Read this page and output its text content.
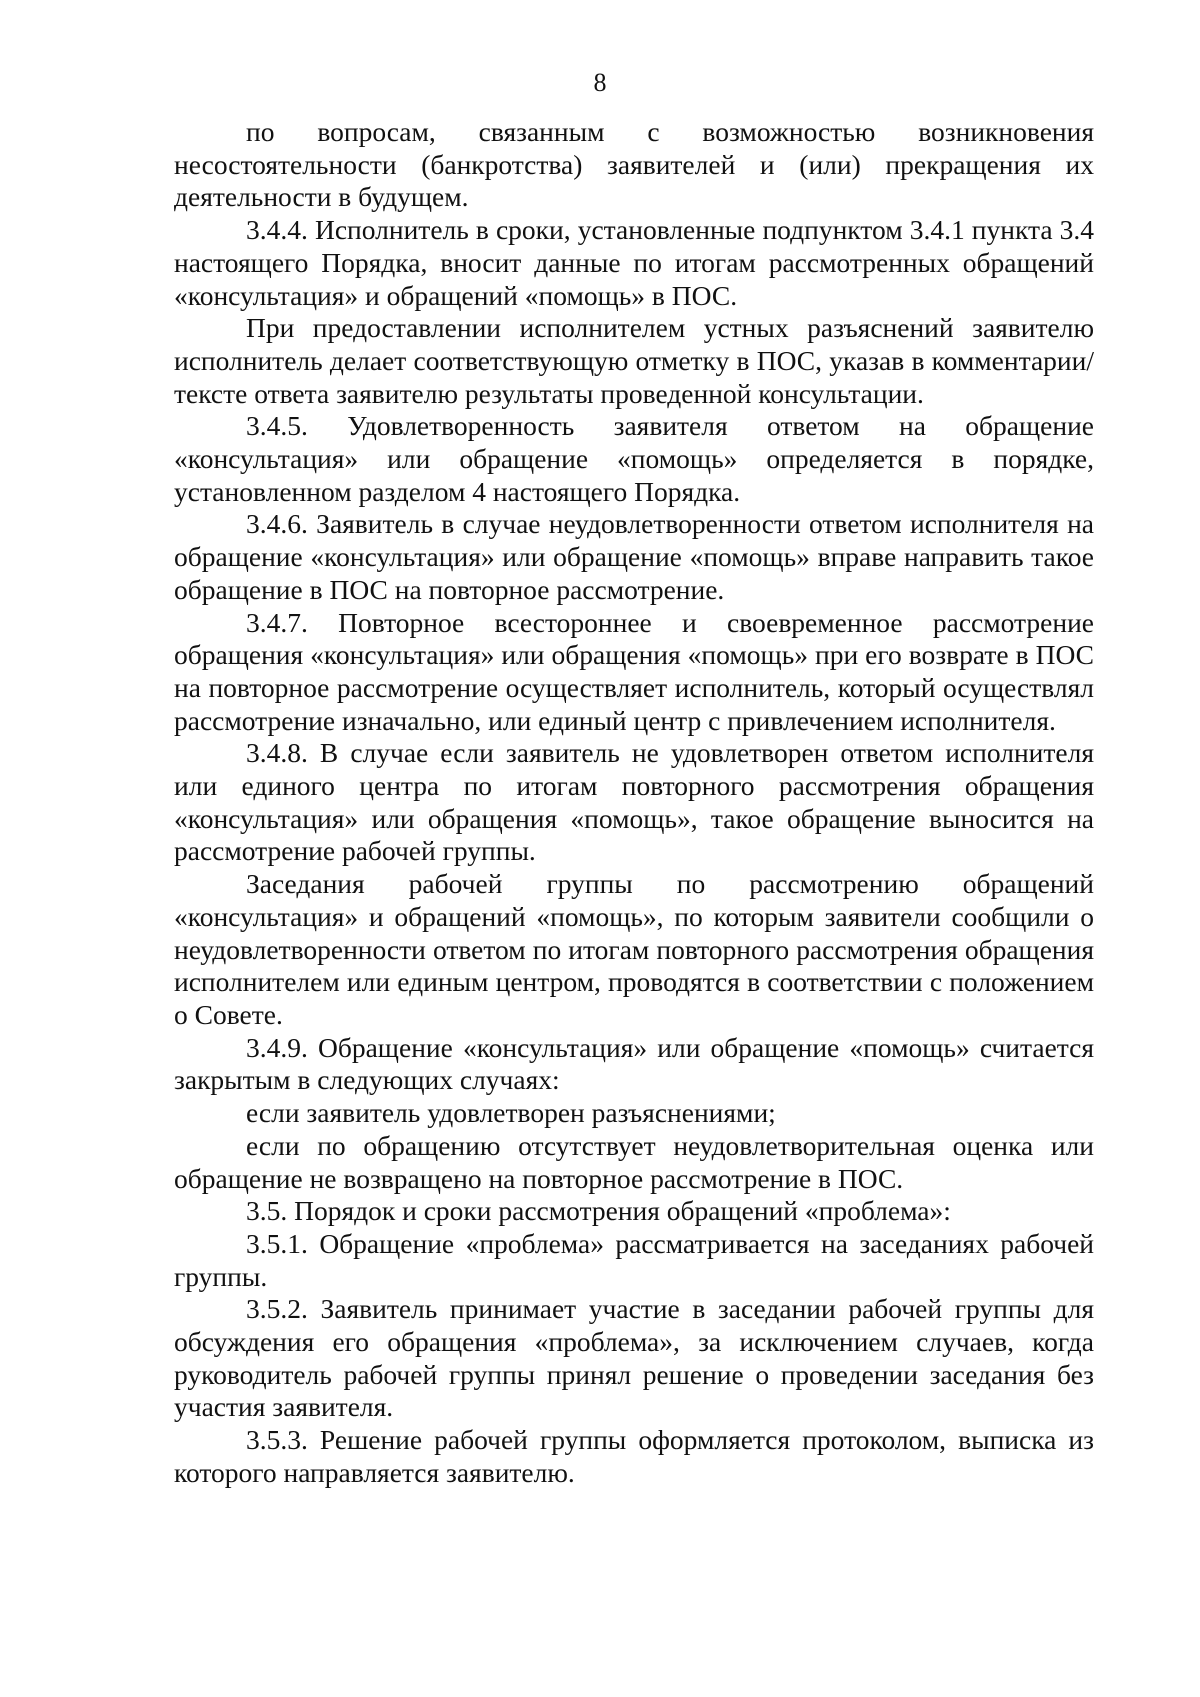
8

по вопросам, связанным с возможностью возникновения несостоятельности (банкротства) заявителей и (или) прекращения их деятельности в будущем.

3.4.4. Исполнитель в сроки, установленные подпунктом 3.4.1 пункта 3.4 настоящего Порядка, вносит данные по итогам рассмотренных обращений «консультация» и обращений «помощь» в ПОС.

При предоставлении исполнителем устных разъяснений заявителю исполнитель делает соответствующую отметку в ПОС, указав в комментарии/тексте ответа заявителю результаты проведенной консультации.

3.4.5. Удовлетворенность заявителя ответом на обращение «консультация» или обращение «помощь» определяется в порядке, установленном разделом 4 настоящего Порядка.

3.4.6. Заявитель в случае неудовлетворенности ответом исполнителя на обращение «консультация» или обращение «помощь» вправе направить такое обращение в ПОС на повторное рассмотрение.

3.4.7. Повторное всестороннее и своевременное рассмотрение обращения «консультация» или обращения «помощь» при его возврате в ПОС на повторное рассмотрение осуществляет исполнитель, который осуществлял рассмотрение изначально, или единый центр с привлечением исполнителя.

3.4.8. В случае если заявитель не удовлетворен ответом исполнителя или единого центра по итогам повторного рассмотрения обращения «консультация» или обращения «помощь», такое обращение выносится на рассмотрение рабочей группы.

Заседания рабочей группы по рассмотрению обращений «консультация» и обращений «помощь», по которым заявители сообщили о неудовлетворенности ответом по итогам повторного рассмотрения обращения исполнителем или единым центром, проводятся в соответствии с положением о Совете.

3.4.9. Обращение «консультация» или обращение «помощь» считается закрытым в следующих случаях:

если заявитель удовлетворен разъяснениями;

если по обращению отсутствует неудовлетворительная оценка или обращение не возвращено на повторное рассмотрение в ПОС.

3.5. Порядок и сроки рассмотрения обращений «проблема»:

3.5.1. Обращение «проблема» рассматривается на заседаниях рабочей группы.

3.5.2. Заявитель принимает участие в заседании рабочей группы для обсуждения его обращения «проблема», за исключением случаев, когда руководитель рабочей группы принял решение о проведении заседания без участия заявителя.

3.5.3. Решение рабочей группы оформляется протоколом, выписка из которого направляется заявителю.
